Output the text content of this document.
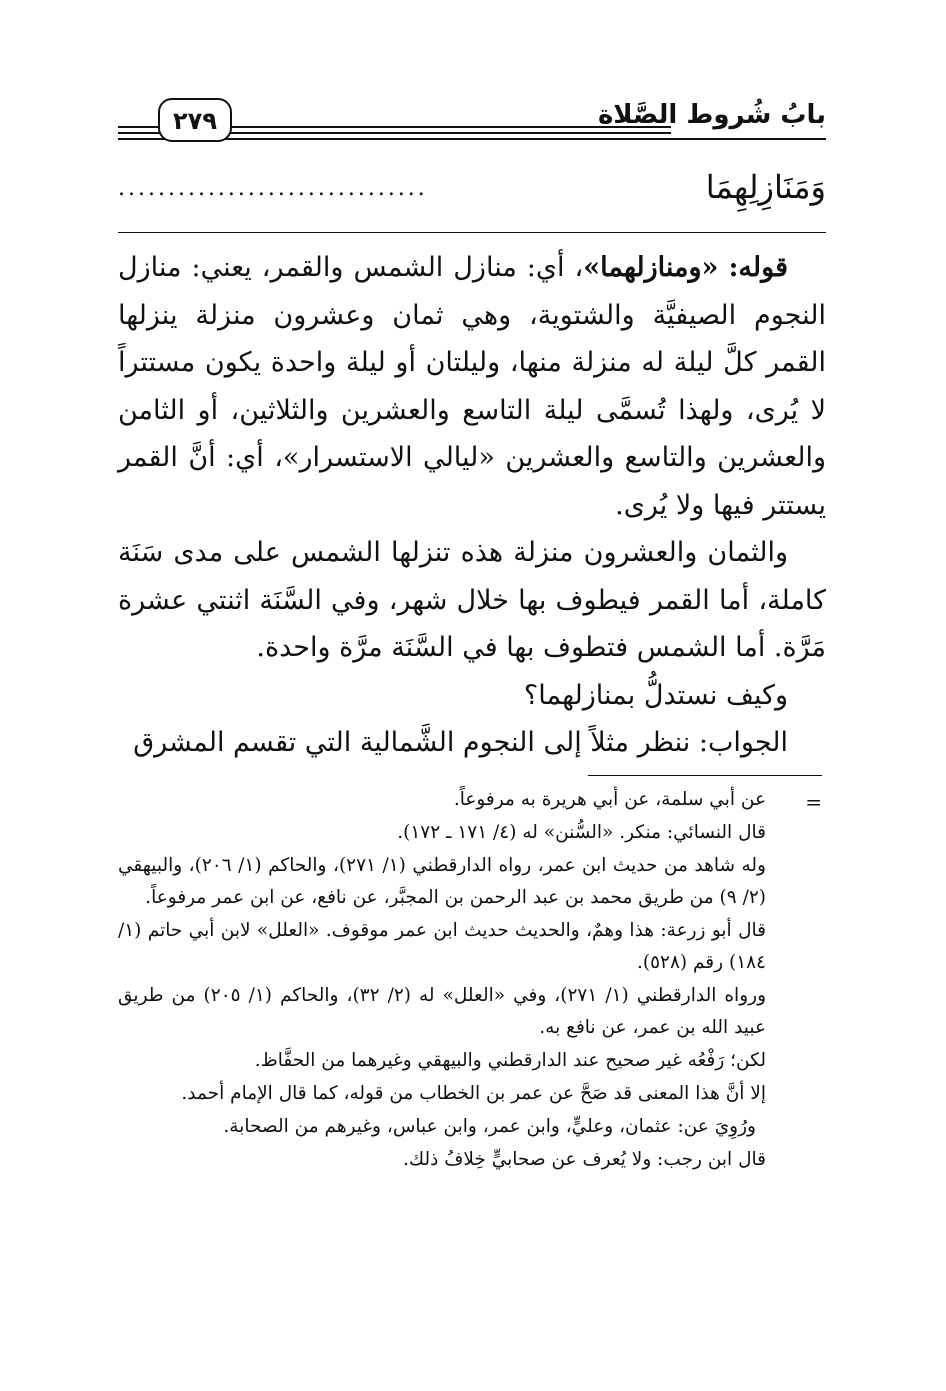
بابُ شُروط الصَّلاة
٢٧٩
وَمَنَازِلِهِمَا
...............................

قوله: «ومنازلهما»، أي: منازل الشمس والقمر، يعني: منازل النجوم الصيفيَّة والشتوية، وهي ثمان وعشرون منزلة ينزلها القمر كلَّ ليلة له منزلة منها، وليلتان أو ليلة واحدة يكون مستتراً لا يُرى، ولهذا تُسمَّى ليلة التاسع والعشرين والثلاثين، أو الثامن والعشرين والتاسع والعشرين «ليالي الاستسرار»، أي: أنَّ القمر يستتر فيها ولا يُرى.

والثمان والعشرون منزلة هذه تنزلها الشمس على مدى سَنَة كاملة، أما القمر فيطوف بها خلال شهر، وفي السَّنَة اثنتي عشرة مَرَّة. أما الشمس فتطوف بها في السَّنَة مرَّة واحدة.

وكيف نستدلُّ بمنازلهما؟

الجواب: ننظر مثلاً إلى النجوم الشَّمالية التي تقسم المشرق

=

عن أبي سلمة، عن أبي هريرة به مرفوعاً.

قال النسائي: منكر. «السُّنن» له (٤/ ١٧١ ـ ١٧٢).

وله شاهد من حديث ابن عمر، رواه الدارقطني (١/ ٢٧١)، والحاكم (١/ ٢٠٦)، والبيهقي (٢/ ٩) من طريق محمد بن عبد الرحمن بن المجبَّر، عن نافع، عن ابن عمر مرفوعاً.

قال أبو زرعة: هذا وهمٌ، والحديث حديث ابن عمر موقوف. «العلل» لابن أبي حاتم (١/ ١٨٤) رقم (٥٢٨).

ورواه الدارقطني (١/ ٢٧١)، وفي «العلل» له (٢/ ٣٢)، والحاكم (١/ ٢٠٥) من طريق عبيد الله بن عمر، عن نافع به.

لكن؛ رَفْعُه غير صحيح عند الدارقطني والبيهقي وغيرهما من الحفَّاظ.

إلا أنَّ هذا المعنى قد صَحَّ عن عمر بن الخطاب من قوله، كما قال الإمام أحمد.

ورُوِيَ عن: عثمان، وعليٍّ، وابن عمر، وابن عباس، وغيرهم من الصحابة.

قال ابن رجب: ولا يُعرف عن صحابيٍّ خِلافُ ذلك.
